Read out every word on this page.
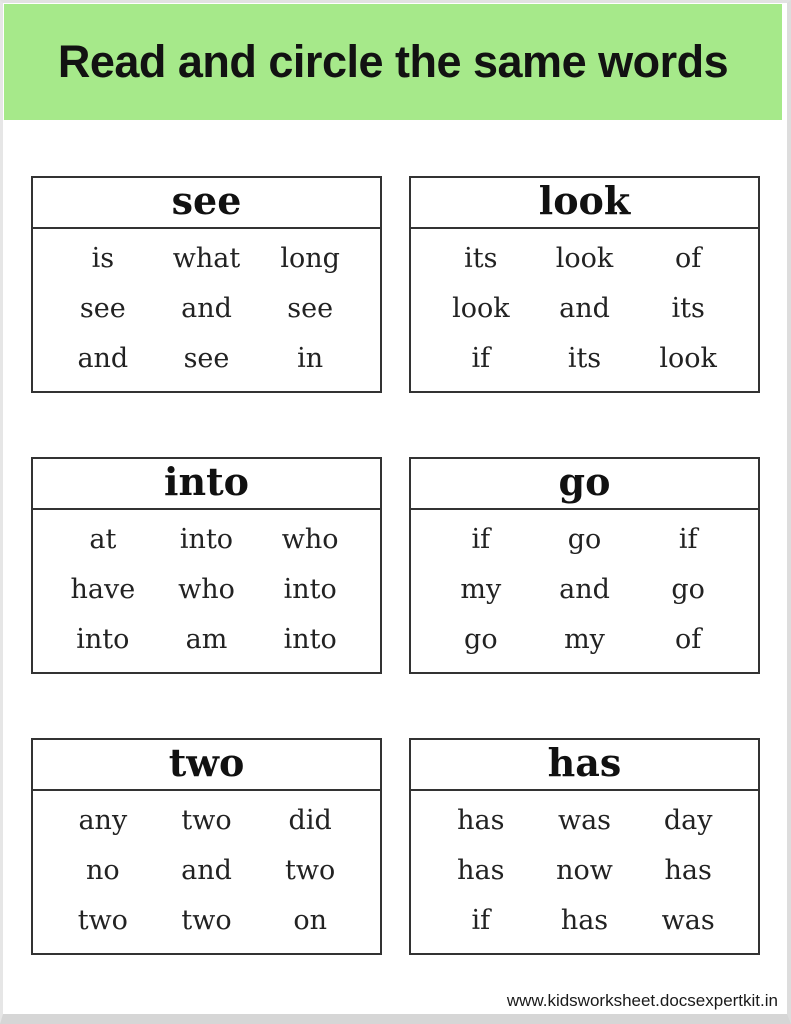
Read and circle the same words
see
is what long
see and see
and see	in
look
its look of
look and its
if	its look
into
at into who
have who into
into am into
go
if	go	if
my and go
go my	of
two
any two did
no and two
two two on
has
has was day
has now has
if	has was
www.kidsworksheet.docsexpertkit.in
